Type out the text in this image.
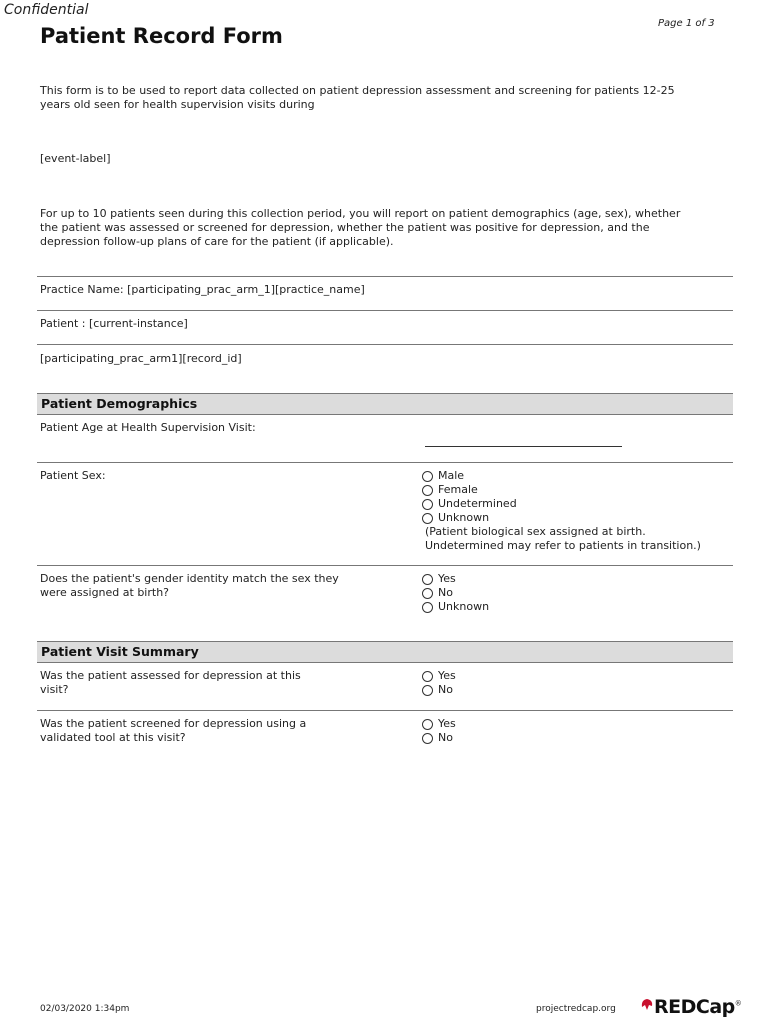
Confidential
Page 1 of 3
Patient Record Form
This form is to be used to report data collected on patient depression assessment and screening for patients 12-25
years old seen for health supervision visits during
[event-label]
For up to 10 patients seen during this collection period, you will report on patient demographics (age, sex), whether
the patient was assessed or screened for depression, whether the patient was positive for depression, and the
depression follow-up plans of care for the patient (if applicable).
Practice Name: [participating_prac_arm_1][practice_name]
Patient : [current-instance]
[participating_prac_arm1][record_id]
Patient Demographics
Patient Age at Health Supervision Visit:
Patient Sex:	Male
Female
Undetermined
Unknown
(Patient biological sex assigned at birth.
Undetermined may refer to patients in transition.)
Does the patient's gender identity match the sex they
were assigned at birth?
Yes
No
Unknown
Patient Visit Summary
Was the patient assessed for depression at this
visit?
Yes
No
Was the patient screened for depression using a
validated tool at this visit?
Yes
No
02/03/2020 1:34pm	projectredcap.org	REDCap®
